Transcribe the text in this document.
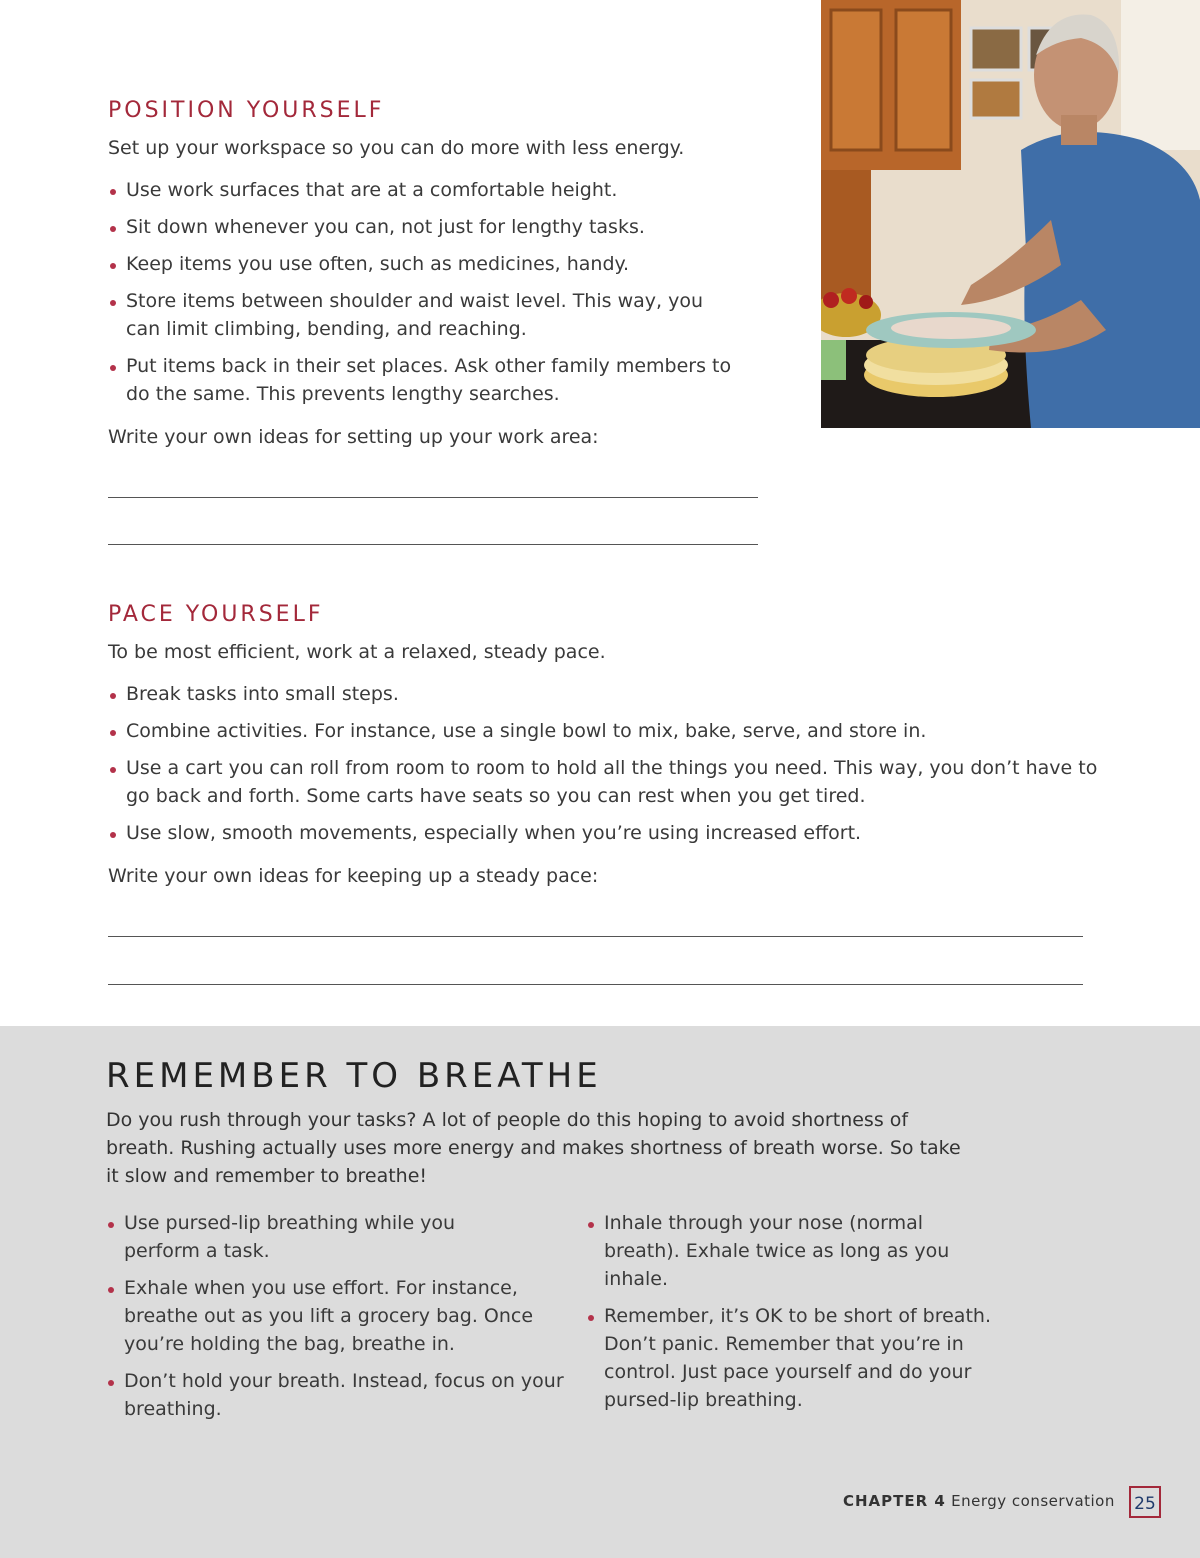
POSITION YOURSELF

Set up your workspace so you can do more with less energy.

Use work surfaces that are at a comfortable height.
Sit down whenever you can, not just for lengthy tasks.
Keep items you use often, such as medicines, handy.
Store items between shoulder and waist level. This way, you can limit climbing, bending, and reaching.
Put items back in their set places. Ask other family members to do the same. This prevents lengthy searches.

Write your own ideas for setting up your work area:

PACE YOURSELF

To be most efficient, work at a relaxed, steady pace.

Break tasks into small steps.
Combine activities. For instance, use a single bowl to mix, bake, serve, and store in.
Use a cart you can roll from room to room to hold all the things you need. This way, you don’t have to go back and forth. Some carts have seats so you can rest when you get tired.
Use slow, smooth movements, especially when you’re using increased effort.

Write your own ideas for keeping up a steady pace:

REMEMBER TO BREATHE

Do you rush through your tasks? A lot of people do this hoping to avoid shortness of breath. Rushing actually uses more energy and makes shortness of breath worse. So take it slow and remember to breathe!

Use pursed-lip breathing while you perform a task.
Exhale when you use effort. For instance, breathe out as you lift a grocery bag. Once you’re holding the bag, breathe in.
Don’t hold your breath. Instead, focus on your breathing.
Inhale through your nose (normal breath). Exhale twice as long as you inhale.
Remember, it’s OK to be short of breath. Don’t panic. Remember that you’re in control. Just pace yourself and do your pursed-lip breathing.
CHAPTER 4 Energy conservation	25
